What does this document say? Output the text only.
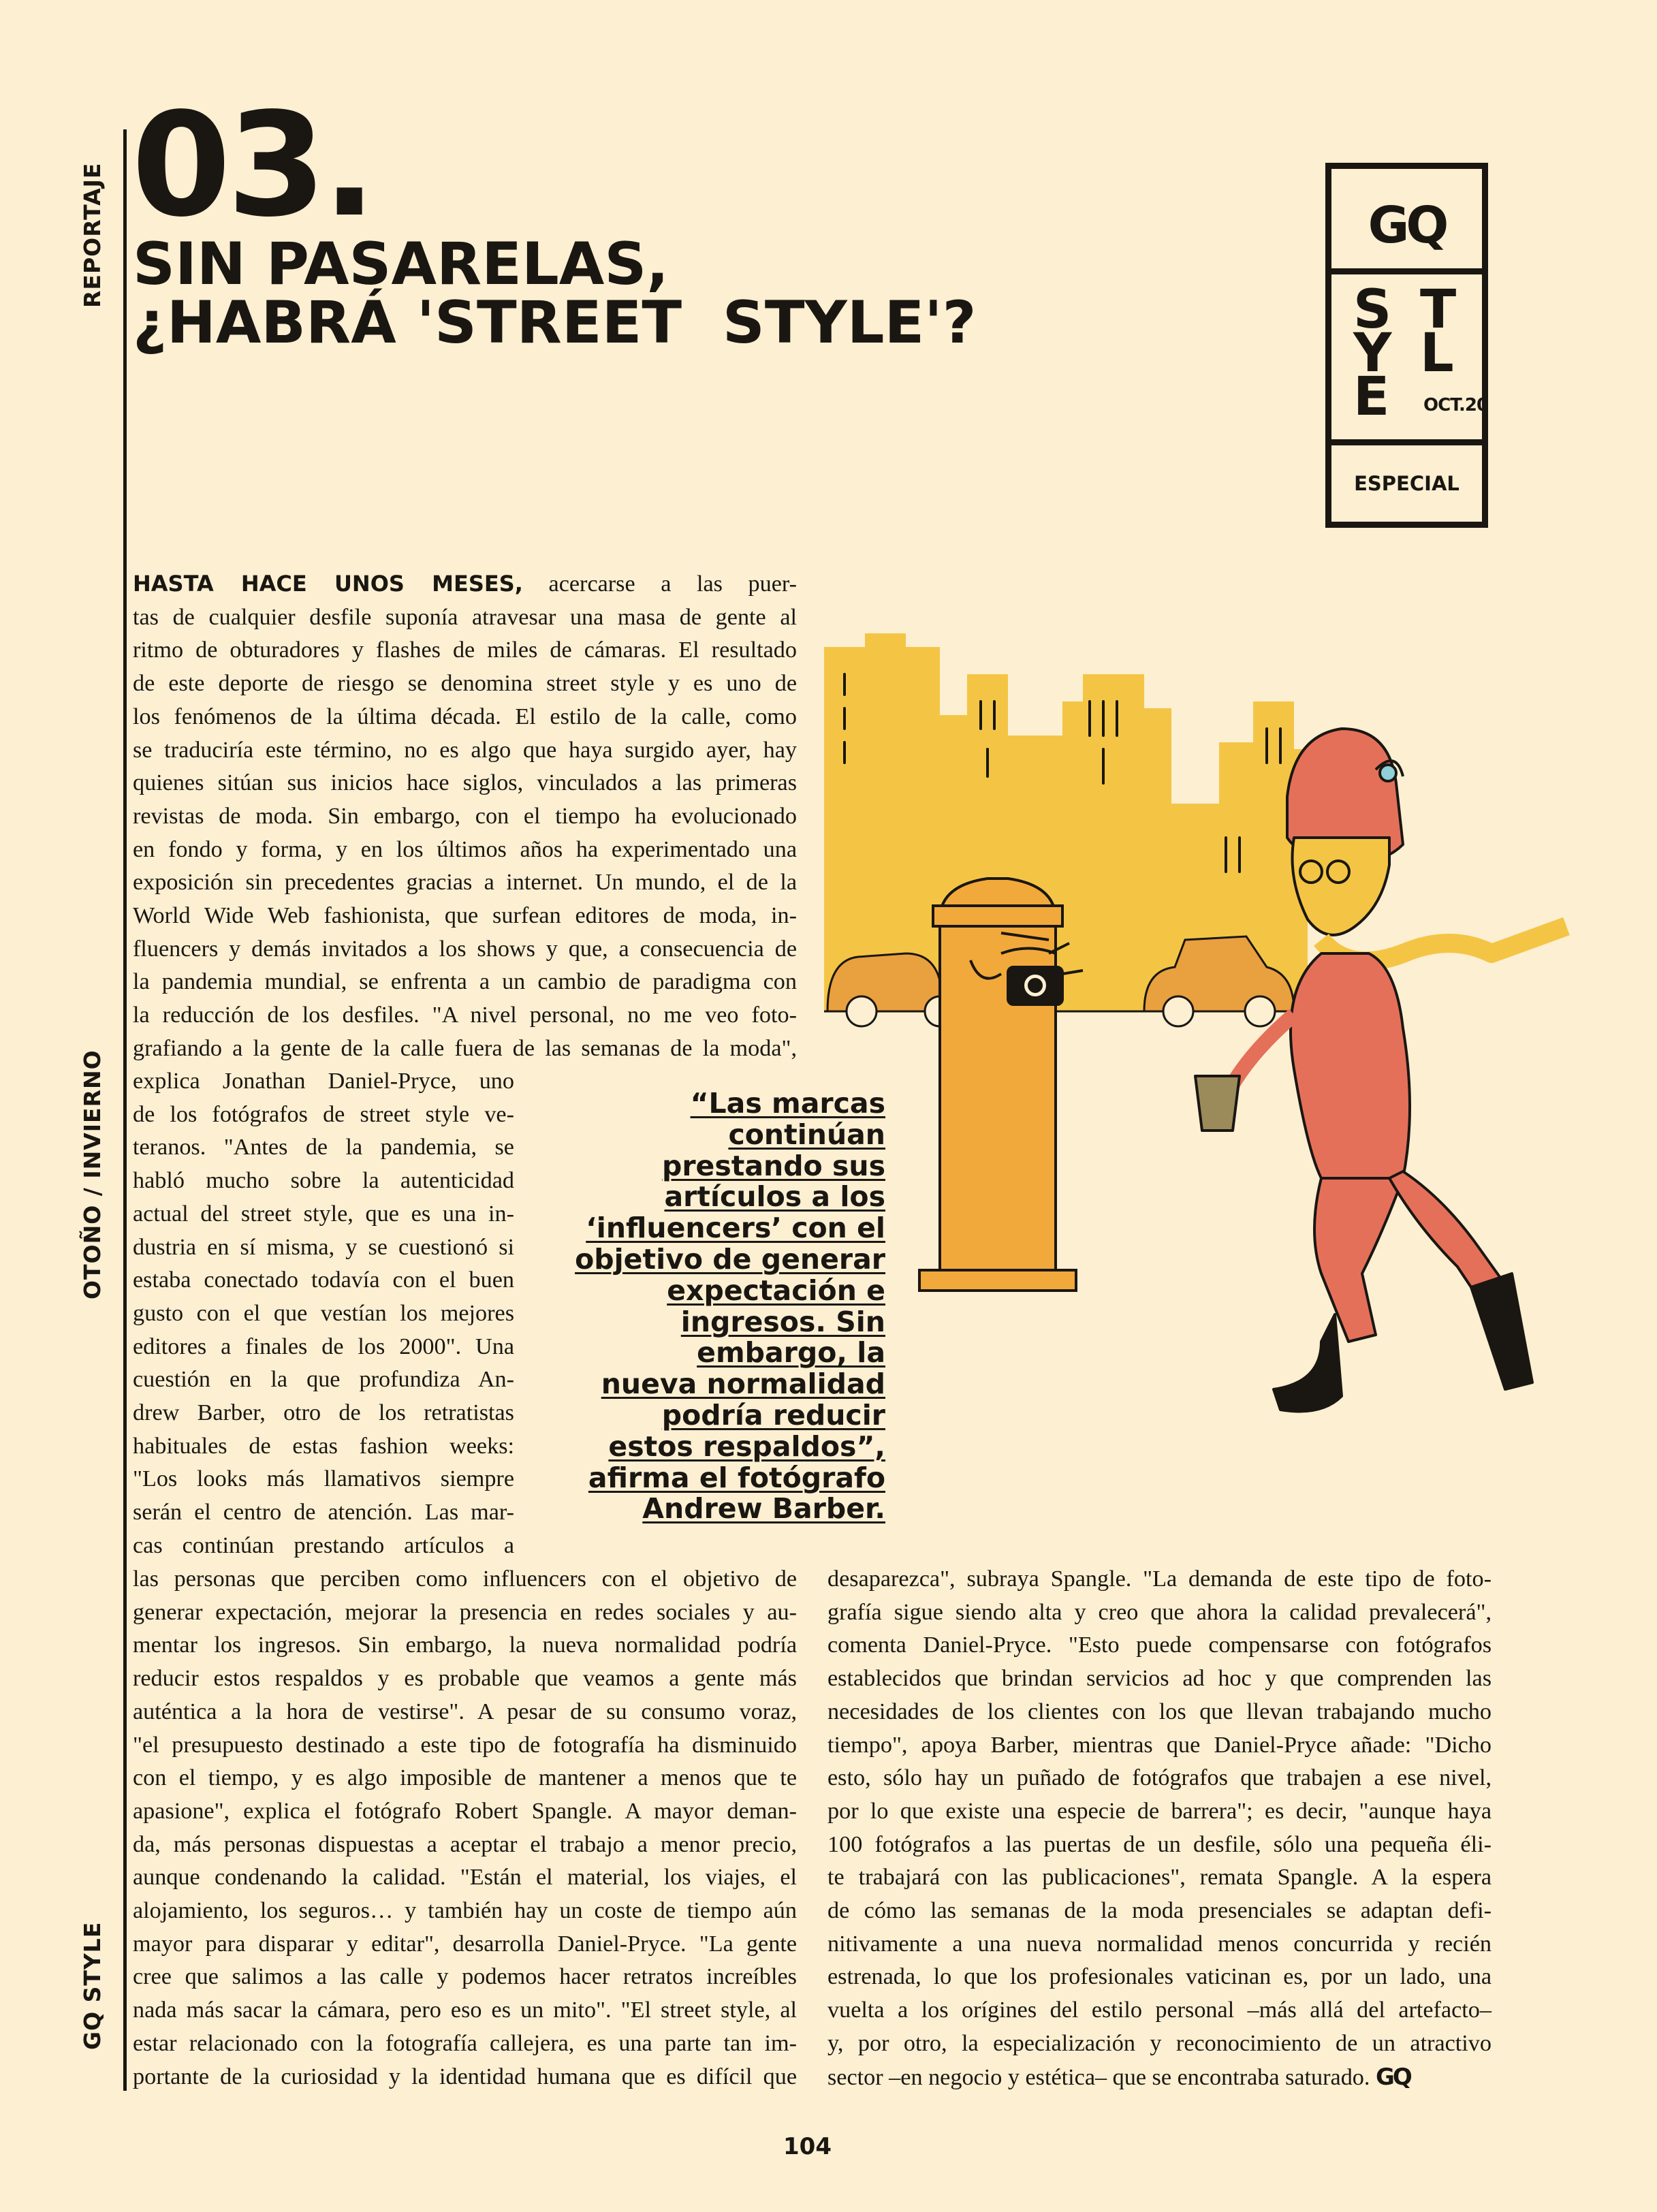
REPORTAJE
OTOÑO / INVIERNO
GQ STYLE
03.
SIN PASARELAS,
¿HABRÁ 'STREET  STYLE'?
GQ
S T
Y L
E OCT.20
ESPECIAL
HASTA HACE UNOS MESES, acercarse a las puer-
tas de cualquier desfile suponía atravesar una masa de gente al
ritmo de obturadores y flashes de miles de cámaras. El resultado
de este deporte de riesgo se denomina street style y es uno de
los fenómenos de la última década. El estilo de la calle, como
se traduciría este término, no es algo que haya surgido ayer, hay
quienes sitúan sus inicios hace siglos, vinculados a las primeras
revistas de moda. Sin embargo, con el tiempo ha evolucionado
en fondo y forma, y en los últimos años ha experimentado una
exposición sin precedentes gracias a internet. Un mundo, el de la
World Wide Web fashionista, que surfean editores de moda, in-
fluencers y demás invitados a los shows y que, a consecuencia de
la pandemia mundial, se enfrenta a un cambio de paradigma con
la reducción de los desfiles. "A nivel personal, no me veo foto-
grafiando a la gente de la calle fuera de las semanas de la moda",
explica Jonathan Daniel-Pryce, uno
de los fotógrafos de street style ve-
teranos. "Antes de la pandemia, se
habló mucho sobre la autenticidad
actual del street style, que es una in-
dustria en sí misma, y se cuestionó si
estaba conectado todavía con el buen
gusto con el que vestían los mejores
editores a finales de los 2000". Una
cuestión en la que profundiza An-
drew Barber, otro de los retratistas
habituales de estas fashion weeks:
"Los looks más llamativos siempre
serán el centro de atención. Las mar-
cas continúan prestando artículos a
“Las marcas
continúan
prestando sus
artículos a los
‘influencers’ con el
objetivo de generar
expectación e
ingresos. Sin
embargo, la
nueva normalidad
podría reducir
estos respaldos”,
afirma el fotógrafo
Andrew Barber.
las personas que perciben como influencers con el objetivo de
generar expectación, mejorar la presencia en redes sociales y au-
mentar los ingresos. Sin embargo, la nueva normalidad podría
reducir estos respaldos y es probable que veamos a gente más
auténtica a la hora de vestirse". A pesar de su consumo voraz,
"el presupuesto destinado a este tipo de fotografía ha disminuido
con el tiempo, y es algo imposible de mantener a menos que te
apasione", explica el fotógrafo Robert Spangle. A mayor deman-
da, más personas dispuestas a aceptar el trabajo a menor precio,
aunque condenando la calidad. "Están el material, los viajes, el
alojamiento, los seguros… y también hay un coste de tiempo aún
mayor para disparar y editar", desarrolla Daniel-Pryce. "La gente
cree que salimos a las calle y podemos hacer retratos increíbles
nada más sacar la cámara, pero eso es un mito". "El street style, al
estar relacionado con la fotografía callejera, es una parte tan im-
portante de la curiosidad y la identidad humana que es difícil que
desaparezca", subraya Spangle. "La demanda de este tipo de foto-
grafía sigue siendo alta y creo que ahora la calidad prevalecerá",
comenta Daniel-Pryce. "Esto puede compensarse con fotógrafos
establecidos que brindan servicios ad hoc y que comprenden las
necesidades de los clientes con los que llevan trabajando mucho
tiempo", apoya Barber, mientras que Daniel-Pryce añade: "Dicho
esto, sólo hay un puñado de fotógrafos que trabajen a ese nivel,
por lo que existe una especie de barrera"; es decir, "aunque haya
100 fotógrafos a las puertas de un desfile, sólo una pequeña éli-
te trabajará con las publicaciones", remata Spangle. A la espera
de cómo las semanas de la moda presenciales se adaptan defi-
nitivamente a una nueva normalidad menos concurrida y recién
estrenada, lo que los profesionales vaticinan es, por un lado, una
vuelta a los orígines del estilo personal –más allá del artefacto–
y, por otro, la especialización y reconocimiento de un atractivo
sector –en negocio y estética– que se encontraba saturado. GQ
104
